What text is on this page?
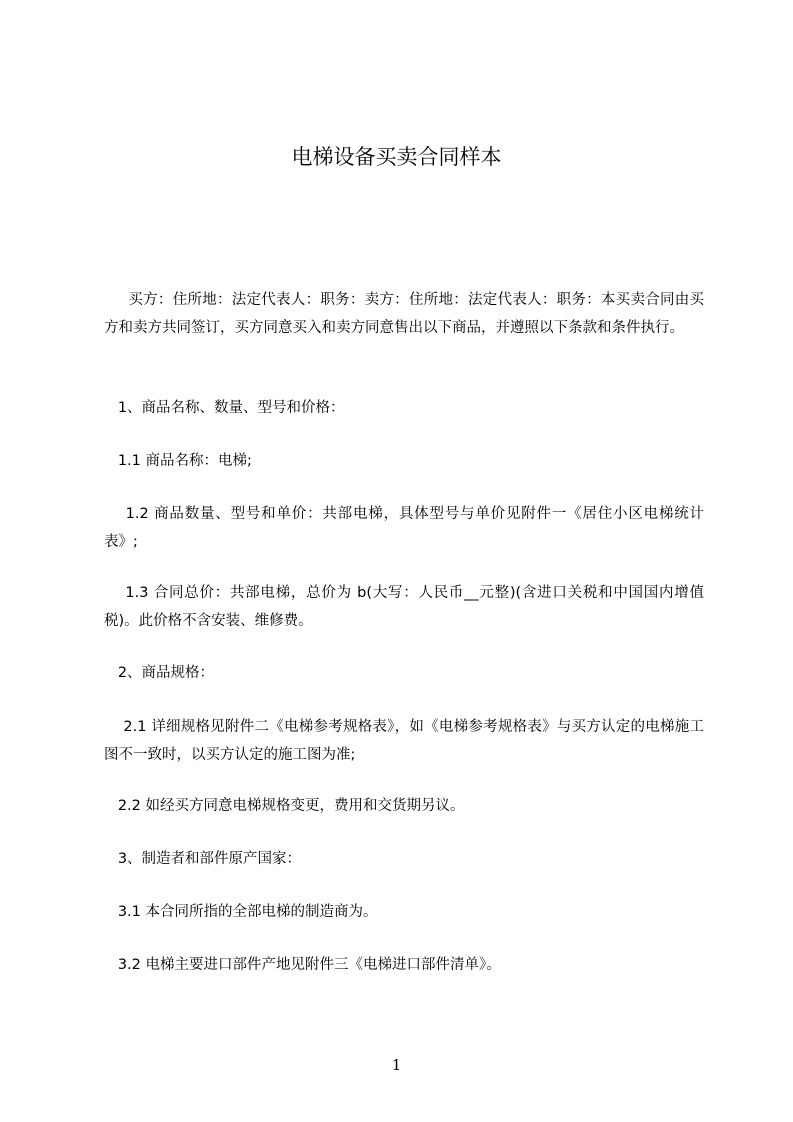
电梯设备买卖合同样本

买方：住所地：法定代表人：职务：卖方：住所地：法定代表人：职务：本买卖合同由买方和卖方共同签订，买方同意买入和卖方同意售出以下商品，并遵照以下条款和条件执行。

1、商品名称、数量、型号和价格：

1.1 商品名称：电梯;

1.2 商品数量、型号和单价：共部电梯，具体型号与单价见附件一《居住小区电梯统计表》;

1.3 合同总价：共部电梯，总价为 b(大写：人民币__元整)(含进口关税和中国国内增值税)。此价格不含安装、维修费。

2、商品规格：

2.1 详细规格见附件二《电梯参考规格表》，如《电梯参考规格表》与买方认定的电梯施工图不一致时，以买方认定的施工图为准;

2.2 如经买方同意电梯规格变更，费用和交货期另议。

3、制造者和部件原产国家：

3.1 本合同所指的全部电梯的制造商为。

3.2 电梯主要进口部件产地见附件三《电梯进口部件清单》。

1
